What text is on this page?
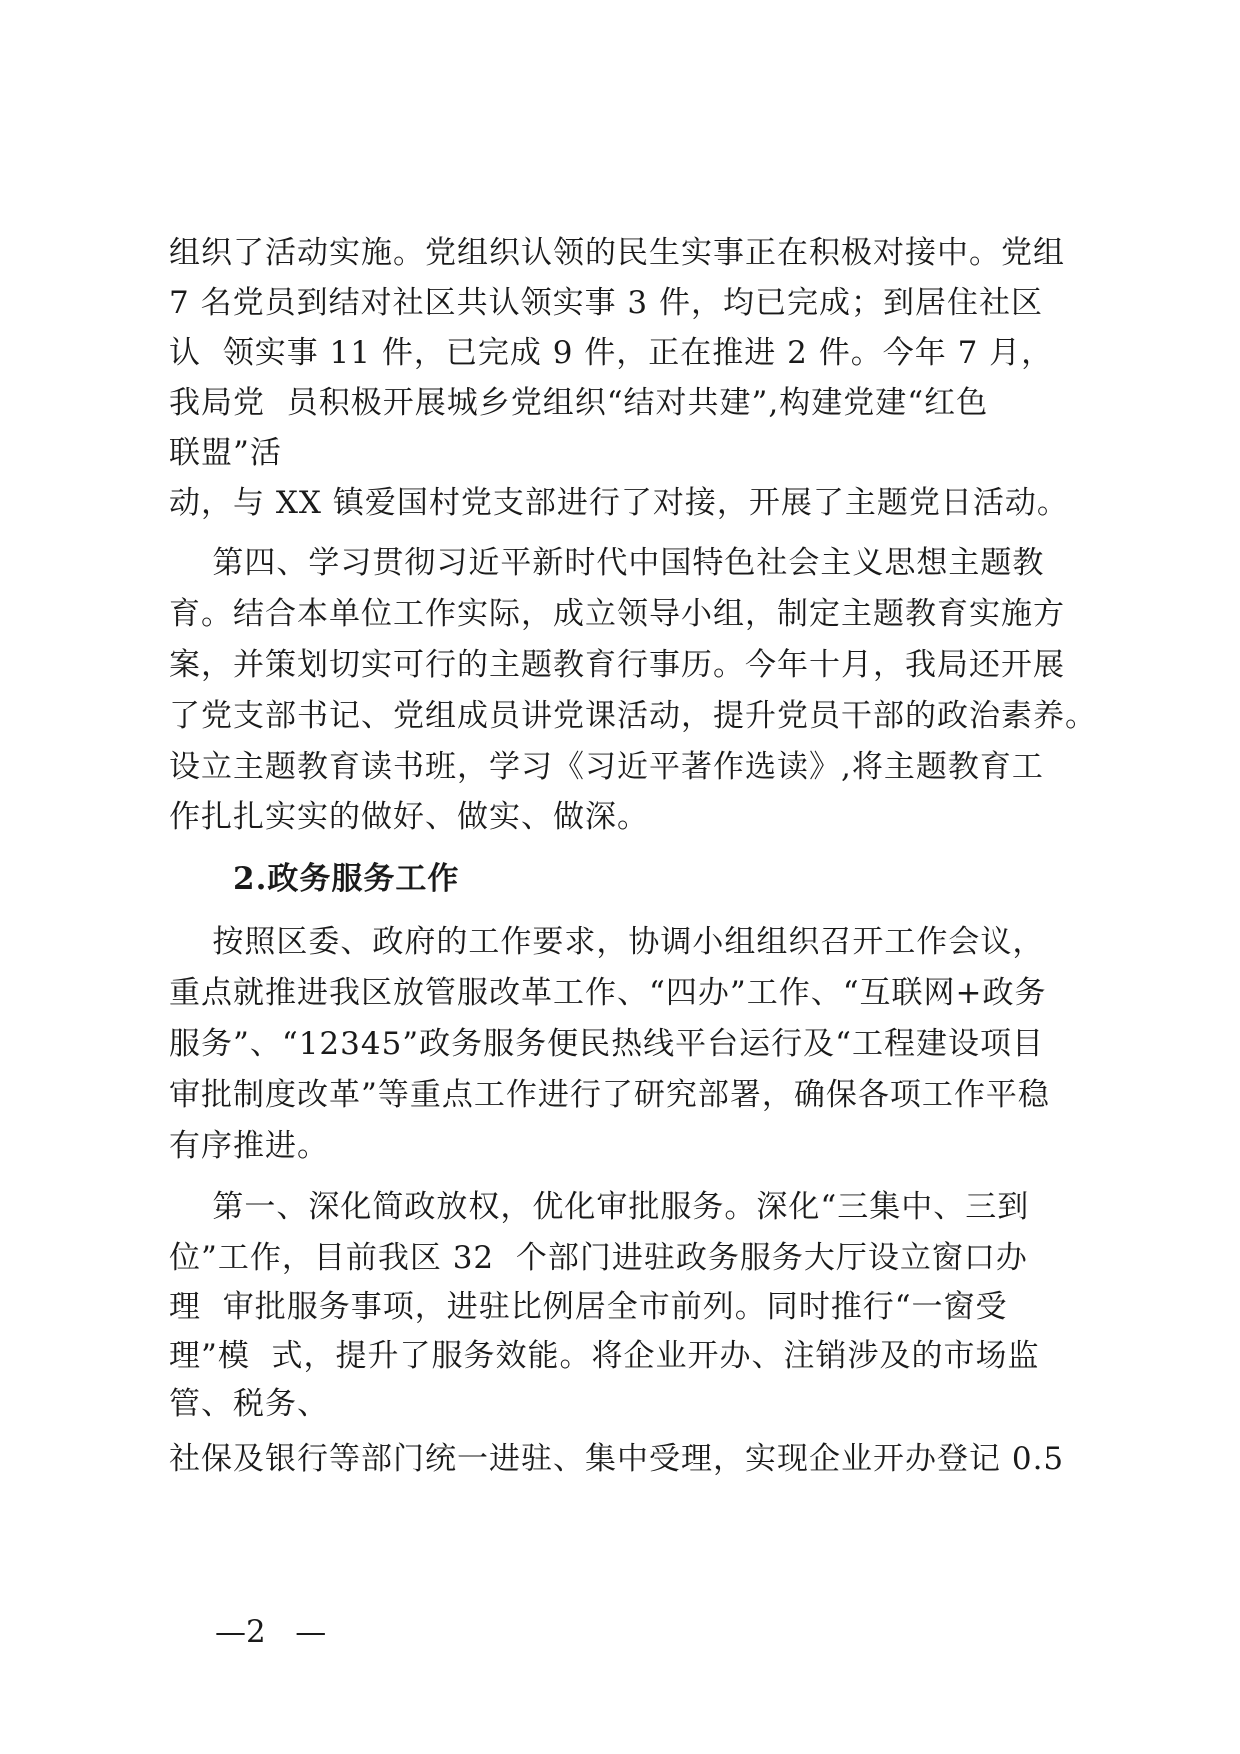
组织了活动实施。党组织认领的民生实事正在积极对接中。党组
7 名党员到结对社区共认领实事 3 件，均已完成；到居住社区
认  领实事 11 件，已完成 9 件，正在推进 2 件。今年 7 月，
我局党  员积极开展城乡党组织“结对共建”,构建党建“红色
联盟”活
动，与 XX 镇爱国村党支部进行了对接，开展了主题党日活动。
第四、学习贯彻习近平新时代中国特色社会主义思想主题教
育。结合本单位工作实际，成立领导小组，制定主题教育实施方
案，并策划切实可行的主题教育行事历。今年十月，我局还开展
了党支部书记、党组成员讲党课活动，提升党员干部的政治素养。
设立主题教育读书班，学习《习近平著作选读》,将主题教育工
作扎扎实实的做好、做实、做深。
2.政务服务工作
按照区委、政府的工作要求，协调小组组织召开工作会议，
重点就推进我区放管服改革工作、“四办”工作、“互联网+政务
服务”、“12345”政务服务便民热线平台运行及“工程建设项目
审批制度改革”等重点工作进行了研究部署，确保各项工作平稳
有序推进。
第一、深化简政放权，优化审批服务。深化“三集中、三到
位”工作，目前我区 32  个部门进驻政务服务大厅设立窗口办
理  审批服务事项，进驻比例居全市前列。同时推行“一窗受
理”模  式，提升了服务效能。将企业开办、注销涉及的市场监
管、税务、
社保及银行等部门统一进驻、集中受理，实现企业开办登记 0.5
—2   —
